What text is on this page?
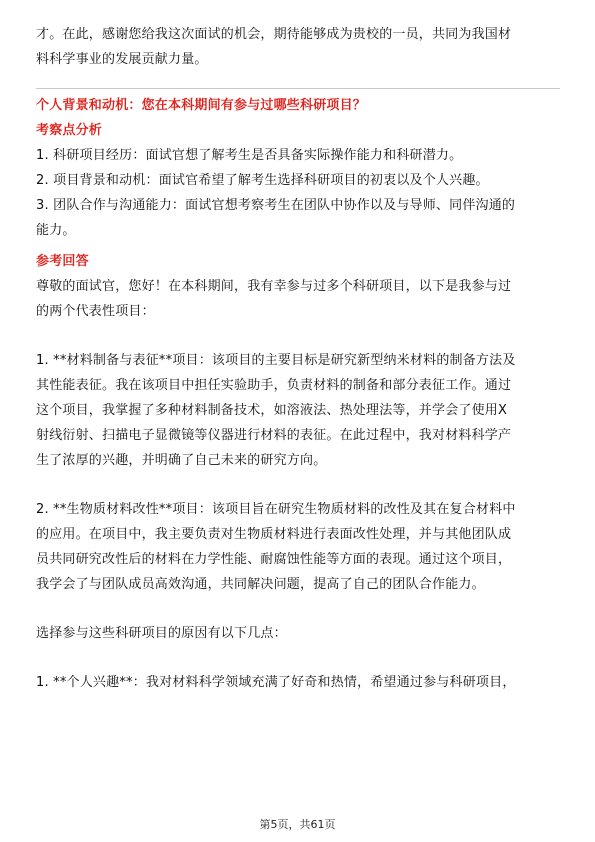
才。在此，感谢您给我这次面试的机会，期待能够成为贵校的一员，共同为我国材

料科学事业的发展贡献力量。

个人背景和动机：您在本科期间有参与过哪些科研项目？

考察点分析

1. 科研项目经历：面试官想了解考生是否具备实际操作能力和科研潜力。

2. 项目背景和动机：面试官希望了解考生选择科研项目的初衷以及个人兴趣。

3. 团队合作与沟通能力：面试官想考察考生在团队中协作以及与导师、同伴沟通的

能力。

参考回答

尊敬的面试官，您好！在本科期间，我有幸参与过多个科研项目，以下是我参与过

的两个代表性项目：

1. **材料制备与表征**项目：该项目的主要目标是研究新型纳米材料的制备方法及

其性能表征。我在该项目中担任实验助手，负责材料的制备和部分表征工作。通过

这个项目，我掌握了多种材料制备技术，如溶液法、热处理法等，并学会了使用X

射线衍射、扫描电子显微镜等仪器进行材料的表征。在此过程中，我对材料科学产

生了浓厚的兴趣，并明确了自己未来的研究方向。

2. **生物质材料改性**项目：该项目旨在研究生物质材料的改性及其在复合材料中

的应用。在项目中，我主要负责对生物质材料进行表面改性处理，并与其他团队成

员共同研究改性后的材料在力学性能、耐腐蚀性能等方面的表现。通过这个项目，

我学会了与团队成员高效沟通，共同解决问题，提高了自己的团队合作能力。

选择参与这些科研项目的原因有以下几点：

1. **个人兴趣**：我对材料科学领域充满了好奇和热情，希望通过参与科研项目，

第5页，共61页
